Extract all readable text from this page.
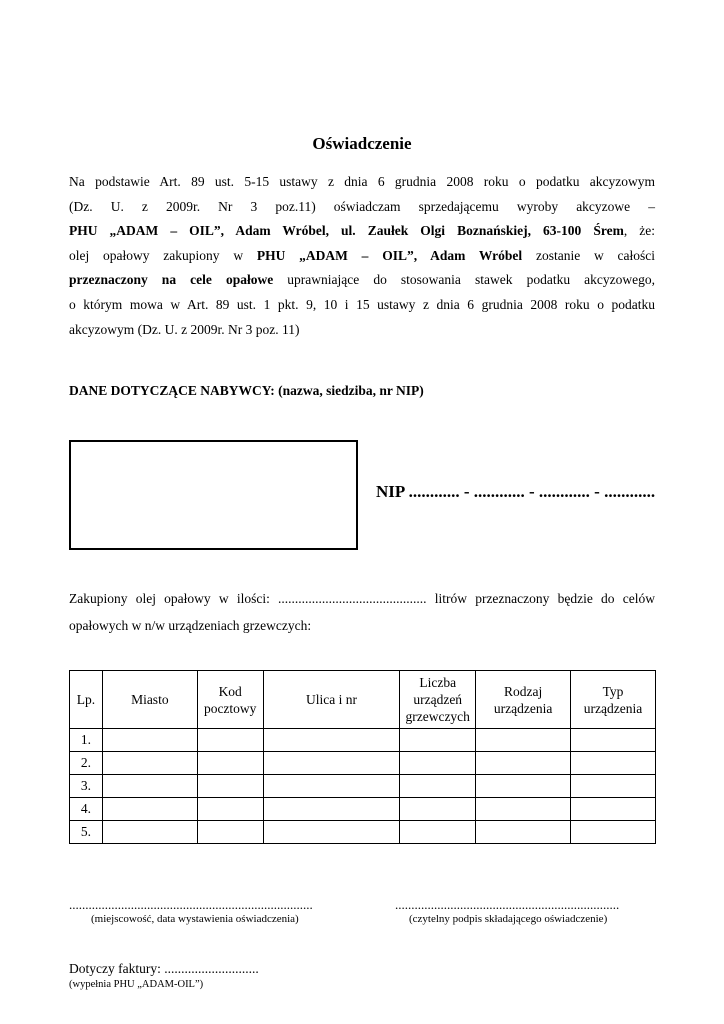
Oświadczenie
Na podstawie Art. 89 ust. 5-15 ustawy z dnia 6 grudnia 2008 roku o podatku akcyzowym
(Dz. U. z 2009r. Nr 3 poz.11) oświadczam sprzedającemu wyroby akcyzowe –
PHU „ADAM – OIL”, Adam Wróbel, ul. Zaułek Olgi Boznańskiej, 63-100 Śrem, że:
olej opałowy zakupiony w PHU „ADAM – OIL”, Adam Wróbel zostanie w całości
przeznaczony na cele opałowe uprawniające do stosowania stawek podatku akcyzowego,
o którym mowa w Art. 89 ust. 1 pkt. 9, 10 i 15 ustawy z dnia 6 grudnia 2008 roku o podatku
akcyzowym (Dz. U. z 2009r. Nr 3 poz. 11)
DANE DOTYCZĄCE NABYWCY: (nazwa, siedziba, nr NIP)
NIP ............ - ............ - ............ - ............
Zakupiony olej opałowy w ilości: ............................................ litrów przeznaczony będzie do celów
opałowych w n/w urządzeniach grzewczych:
Lp.	Miasto	Kod
pocztowy	Ulica i nr	Liczba
urządzeń
grzewczych	Rodzaj
urządzenia	Typ
urządzenia
1.						
2.						
3.						
4.						
5.						
...........................................................................
(miejscowość, data wystawienia oświadczenia)
.....................................................................
(czytelny podpis składającego oświadczenie)
Dotyczy faktury: ............................
(wypełnia PHU „ADAM-OIL”)
